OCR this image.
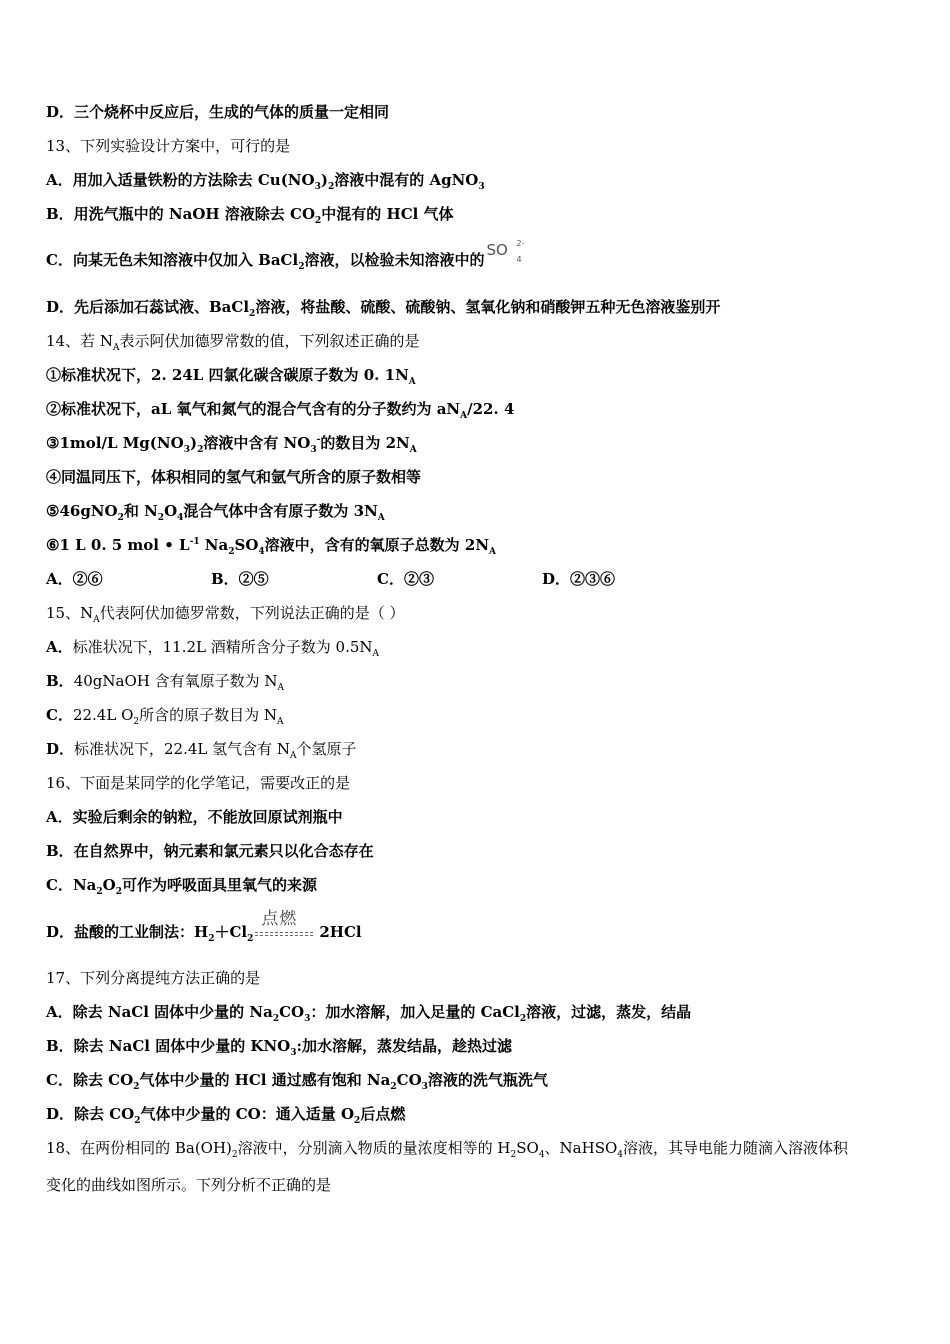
D．三个烧杯中反应后，生成的气体的质量一定相同
13、下列实验设计方案中，可行的是
A．用加入适量铁粉的方法除去 $Cu(NO_3)_2$溶液中混有的 AgNO$_3$
B．用洗气瓶中的 NaOH 溶液除去 $CO_2$中混有的 HCl 气体
C．向某无色未知溶液中仅加入 BaCl$_2$溶液，以检验未知溶液中的SO 2-
4
D．先后添加石蕊试液、BaCl$_2$溶液，将盐酸、硫酸、硫酸钠、氢氧化钠和硝酸钾五种无色溶液鉴别开
14、若 $N_A$表示阿伏加德罗常数的值，下列叙述正确的是
①标准状况下，2. 24L 四氯化碳含碳原子数为 0. $1N_A$
②标准状况下，aL 氧气和氮气的混合气含有的分子数约为 $aN_A/22$. 4
③1mol/L $Mg(NO_3)_2$溶液中含有 $NO_3^-$的数目为 $2N_A$
④同温同压下，体积相同的氢气和氩气所含的原子数相等
⑤46gNO$_2$和 $N_2O_4$混合气体中含有原子数为 $3N_A$
⑥1 L 0. 5 mol • $L^{-1}$ $Na_2SO_4$溶液中，含有的氧原子总数为 $2N_A$
A．②⑥	B．②⑤	C．②③	D．②③⑥
15、$N_A$代表阿伏加德罗常数，下列说法正确的是（ ）
A．标准状况下，11.2L 酒精所含分子数为 $0.5N_A$
B．40gNaOH 含有氧原子数为 $N_A$
C．22.4L $O_2$所含的原子数目为 $N_A$
D．标准状况下，22.4L 氢气含有 $N_A$个氢原子
16、下面是某同学的化学笔记，需要改正的是
A．实验后剩余的钠粒，不能放回原试剂瓶中
B．在自然界中，钠元素和氯元素只以化合态存在
C．$Na_2O_2$可作为呼吸面具里氧气的来源
D．盐酸的工业制法：$H_2+Cl_2$
点燃
2HCl
17、下列分离提纯方法正确的是
A．除去 NaCl 固体中少量的 $Na_2CO_3$：加水溶解，加入足量的 CaCl$_2$溶液，过滤，蒸发，结晶
B．除去 NaCl 固体中少量的 $KNO_3$:加水溶解，蒸发结晶，趁热过滤
C．除去 $CO_2$气体中少量的 HCl 通过感有饱和 $Na_2CO_3$溶液的洗气瓶洗气
D．除去 $CO_2$气体中少量的 CO：通入适量 $O_2$后点燃
18、在两份相同的 $Ba(OH)_2$溶液中，分别滴入物质的量浓度相等的 $H_2SO_4$、NaHSO$_4$溶液，其导电能力随滴入溶液体积
变化的曲线如图所示。下列分析不正确的是
